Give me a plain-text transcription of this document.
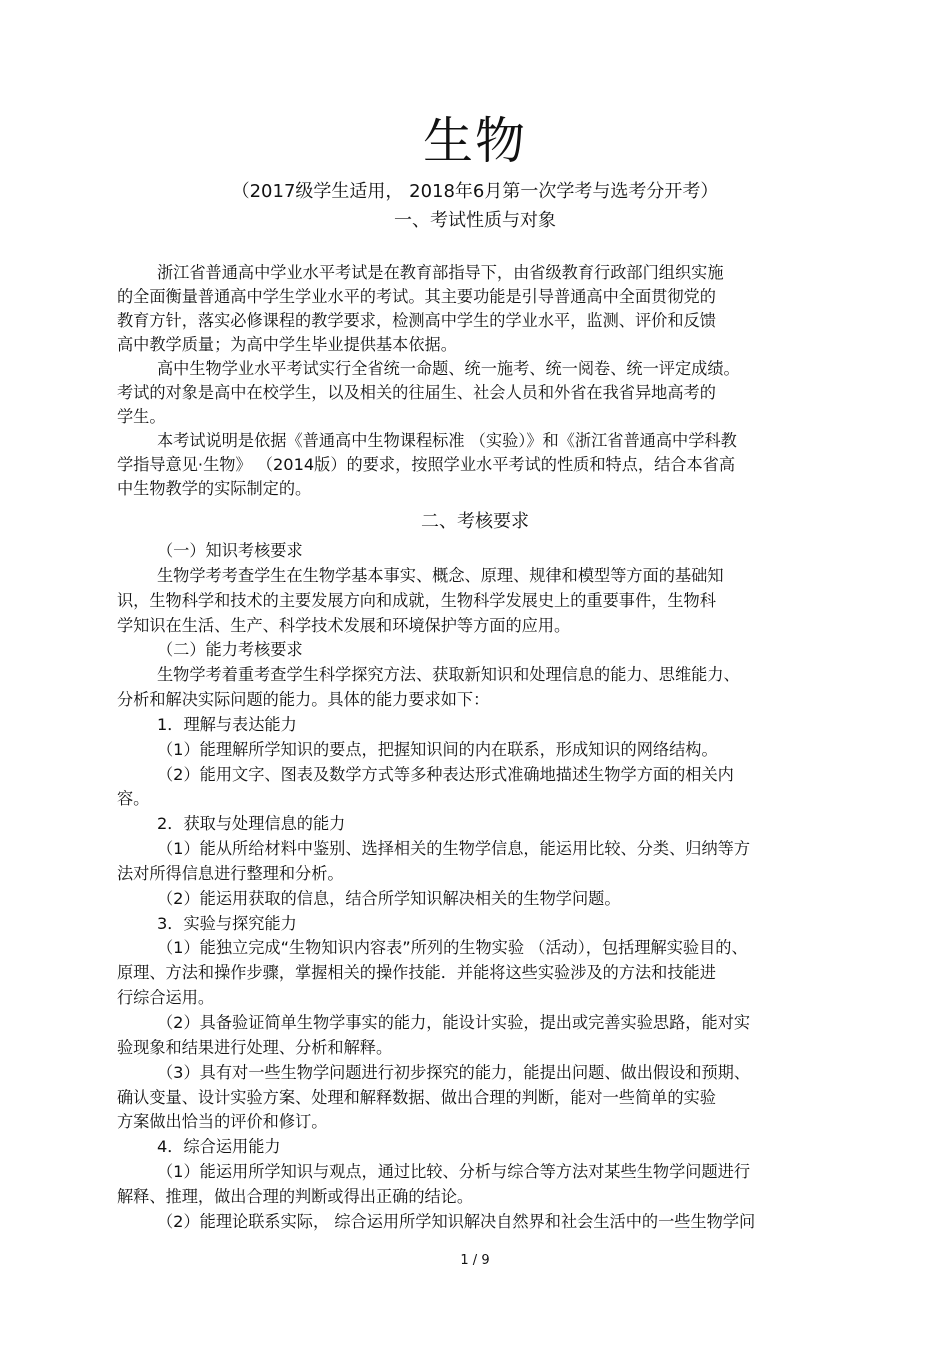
生物
（2017级学生适用， 2018年6月第一次学考与选考分开考）
一、考试性质与对象
浙江省普通高中学业水平考试是在教育部指导下，由省级教育行政部门组织实施
的全面衡量普通高中学生学业水平的考试。其主要功能是引导普通高中全面贯彻党的
教育方针，落实必修课程的教学要求，检测高中学生的学业水平，监测、评价和反馈
高中教学质量；为高中学生毕业提供基本依据。
高中生物学业水平考试实行全省统一命题、统一施考、统一阅卷、统一评定成绩。
考试的对象是高中在校学生，以及相关的往届生、社会人员和外省在我省异地高考的
学生。
本考试说明是依据《普通高中生物课程标准 （实验）》和《浙江省普通高中学科教
学指导意见·生物》 （2014版）的要求，按照学业水平考试的性质和特点，结合本省高
中生物教学的实际制定的。
二、考核要求
（一）知识考核要求
生物学考考查学生在生物学基本事实、概念、原理、规律和模型等方面的基础知
识，生物科学和技术的主要发展方向和成就，生物科学发展史上的重要事件，生物科
学知识在生活、生产、科学技术发展和环境保护等方面的应用。
（二）能力考核要求
生物学考着重考查学生科学探究方法、获取新知识和处理信息的能力、思维能力、
分析和解决实际问题的能力。具体的能力要求如下：
1．理解与表达能力
（1）能理解所学知识的要点，把握知识间的内在联系，形成知识的网络结构。
（2）能用文字、图表及数学方式等多种表达形式准确地描述生物学方面的相关内
容。
2．获取与处理信息的能力
（1）能从所给材料中鉴别、选择相关的生物学信息，能运用比较、分类、归纳等方
法对所得信息进行整理和分析。
（2）能运用获取的信息，结合所学知识解决相关的生物学问题。
3．实验与探究能力
（1）能独立完成“生物知识内容表”所列的生物实验 （活动），包括理解实验目的、
原理、方法和操作步骤，掌握相关的操作技能．并能将这些实验涉及的方法和技能进
行综合运用。
（2）具备验证简单生物学事实的能力，能设计实验，提出或完善实验思路，能对实
验现象和结果进行处理、分析和解释。
（3）具有对一些生物学问题进行初步探究的能力，能提出问题、做出假设和预期、
确认变量、设计实验方案、处理和解释数据、做出合理的判断，能对一些简单的实验
方案做出恰当的评价和修订。
4．综合运用能力
（1）能运用所学知识与观点，通过比较、分析与综合等方法对某些生物学问题进行
解释、推理，做出合理的判断或得出正确的结论。
（2）能理论联系实际， 综合运用所学知识解决自然界和社会生活中的一些生物学问
1 / 9
